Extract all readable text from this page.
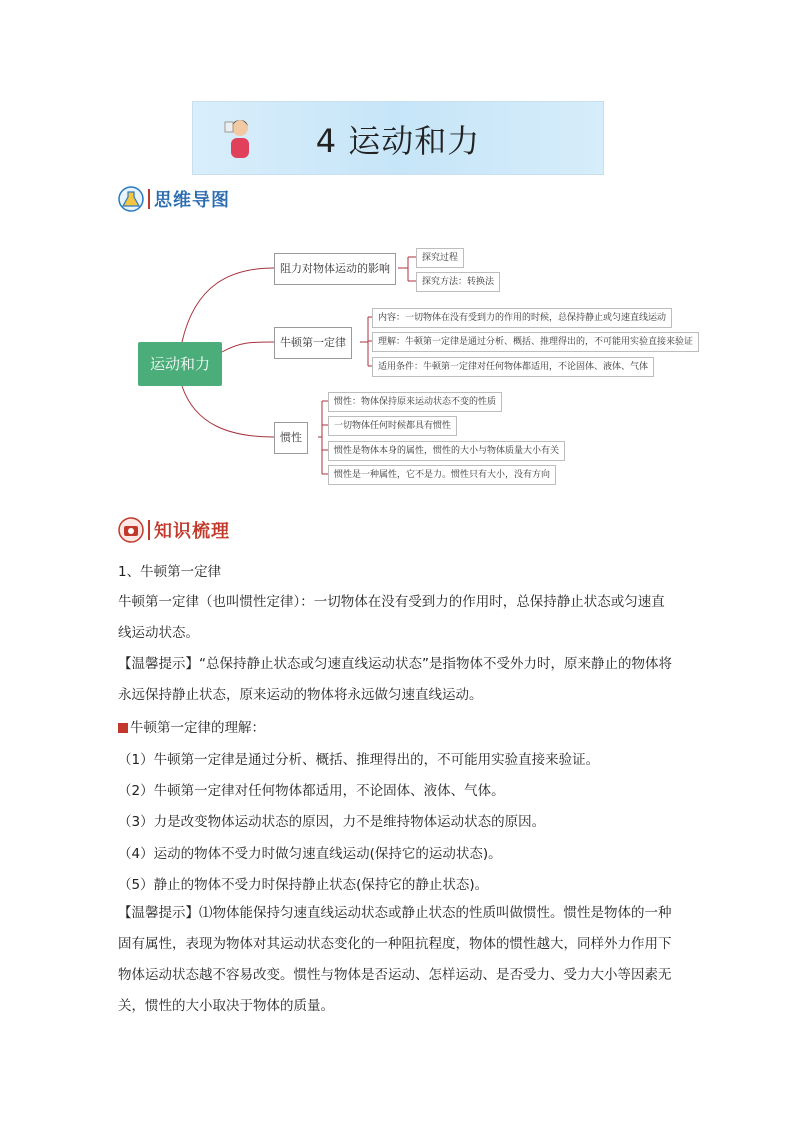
4 运动和力
思维导图
运动和力
阻力对物体运动的影响
探究过程
探究方法：转换法
牛顿第一定律
内容：一切物体在没有受到力的作用的时候，总保持静止或匀速直线运动
理解：牛顿第一定律是通过分析、概括、推理得出的，不可能用实验直接来验证
适用条件：牛顿第一定律对任何物体都适用，不论固体、液体、气体
惯性
惯性：物体保持原来运动状态不变的性质
一切物体任何时候都具有惯性
惯性是物体本身的属性，惯性的大小与物体质量大小有关
惯性是一种属性，它不是力。惯性只有大小，没有方向
知识梳理
1、牛顿第一定律
牛顿第一定律（也叫惯性定律）：一切物体在没有受到力的作用时，总保持静止状态或匀速直线运动状态。
【温馨提示】“总保持静止状态或匀速直线运动状态”是指物体不受外力时，原来静止的物体将永远保持静止状态，原来运动的物体将永远做匀速直线运动。
牛顿第一定律的理解：
（1）牛顿第一定律是通过分析、概括、推理得出的，不可能用实验直接来验证。
（2）牛顿第一定律对任何物体都适用，不论固体、液体、气体。
（3）力是改变物体运动状态的原因，力不是维持物体运动状态的原因。
（4）运动的物体不受力时做匀速直线运动(保持它的运动状态)。
（5）静止的物体不受力时保持静止状态(保持它的静止状态)。
【温馨提示】⑴物体能保持匀速直线运动状态或静止状态的性质叫做惯性。惯性是物体的一种固有属性，表现为物体对其运动状态变化的一种阻抗程度，物体的惯性越大，同样外力作用下物体运动状态越不容易改变。惯性与物体是否运动、怎样运动、是否受力、受力大小等因素无关，惯性的大小取决于物体的质量。
